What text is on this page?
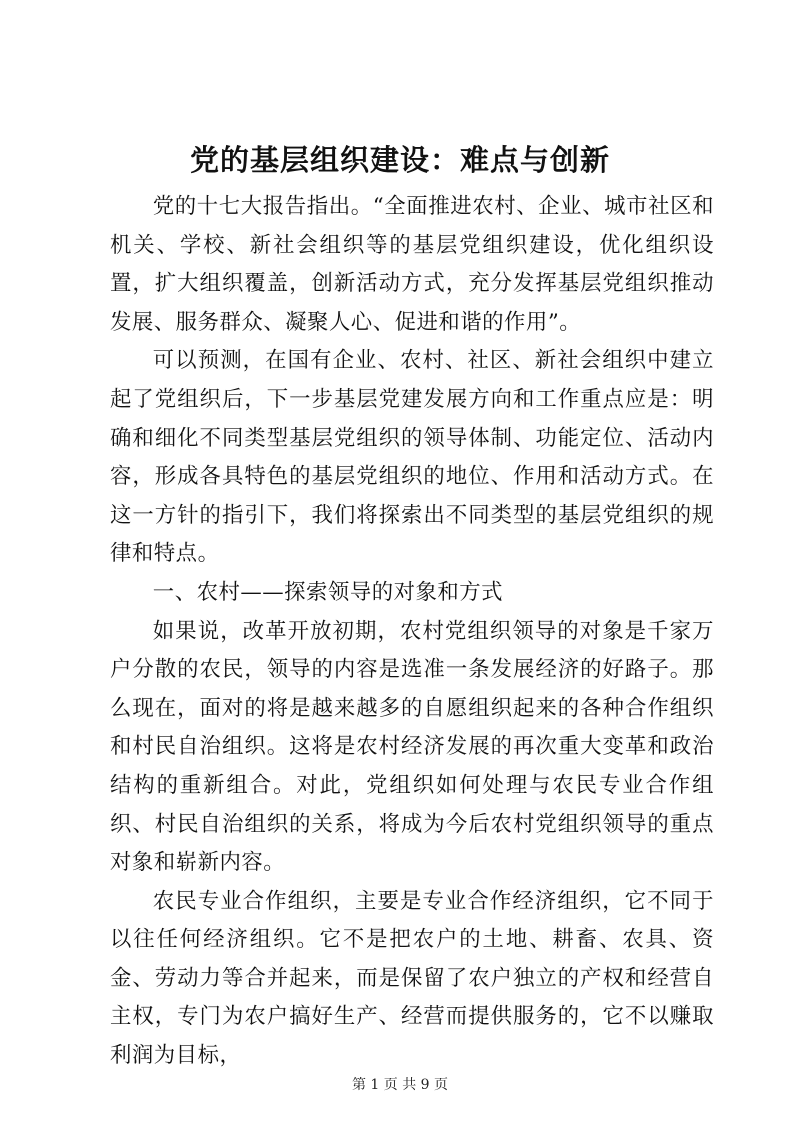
党的基层组织建设：难点与创新

党的十七大报告指出。“全面推进农村、企业、城市社区和机关、学校、新社会组织等的基层党组织建设，优化组织设置，扩大组织覆盖，创新活动方式，充分发挥基层党组织推动发展、服务群众、凝聚人心、促进和谐的作用”。

可以预测，在国有企业、农村、社区、新社会组织中建立起了党组织后，下一步基层党建发展方向和工作重点应是：明确和细化不同类型基层党组织的领导体制、功能定位、活动内容，形成各具特色的基层党组织的地位、作用和活动方式。在这一方针的指引下，我们将探索出不同类型的基层党组织的规律和特点。

一、农村——探索领导的对象和方式

如果说，改革开放初期，农村党组织领导的对象是千家万户分散的农民，领导的内容是选准一条发展经济的好路子。那么现在，面对的将是越来越多的自愿组织起来的各种合作组织和村民自治组织。这将是农村经济发展的再次重大变革和政治结构的重新组合。对此，党组织如何处理与农民专业合作组织、村民自治组织的关系，将成为今后农村党组织领导的重点对象和崭新内容。

农民专业合作组织，主要是专业合作经济组织，它不同于以往任何经济组织。它不是把农户的土地、耕畜、农具、资金、劳动力等合并起来，而是保留了农户独立的产权和经营自主权，专门为农户搞好生产、经营而提供服务的，它不以赚取利润为目标，

第 1 页 共 9 页
